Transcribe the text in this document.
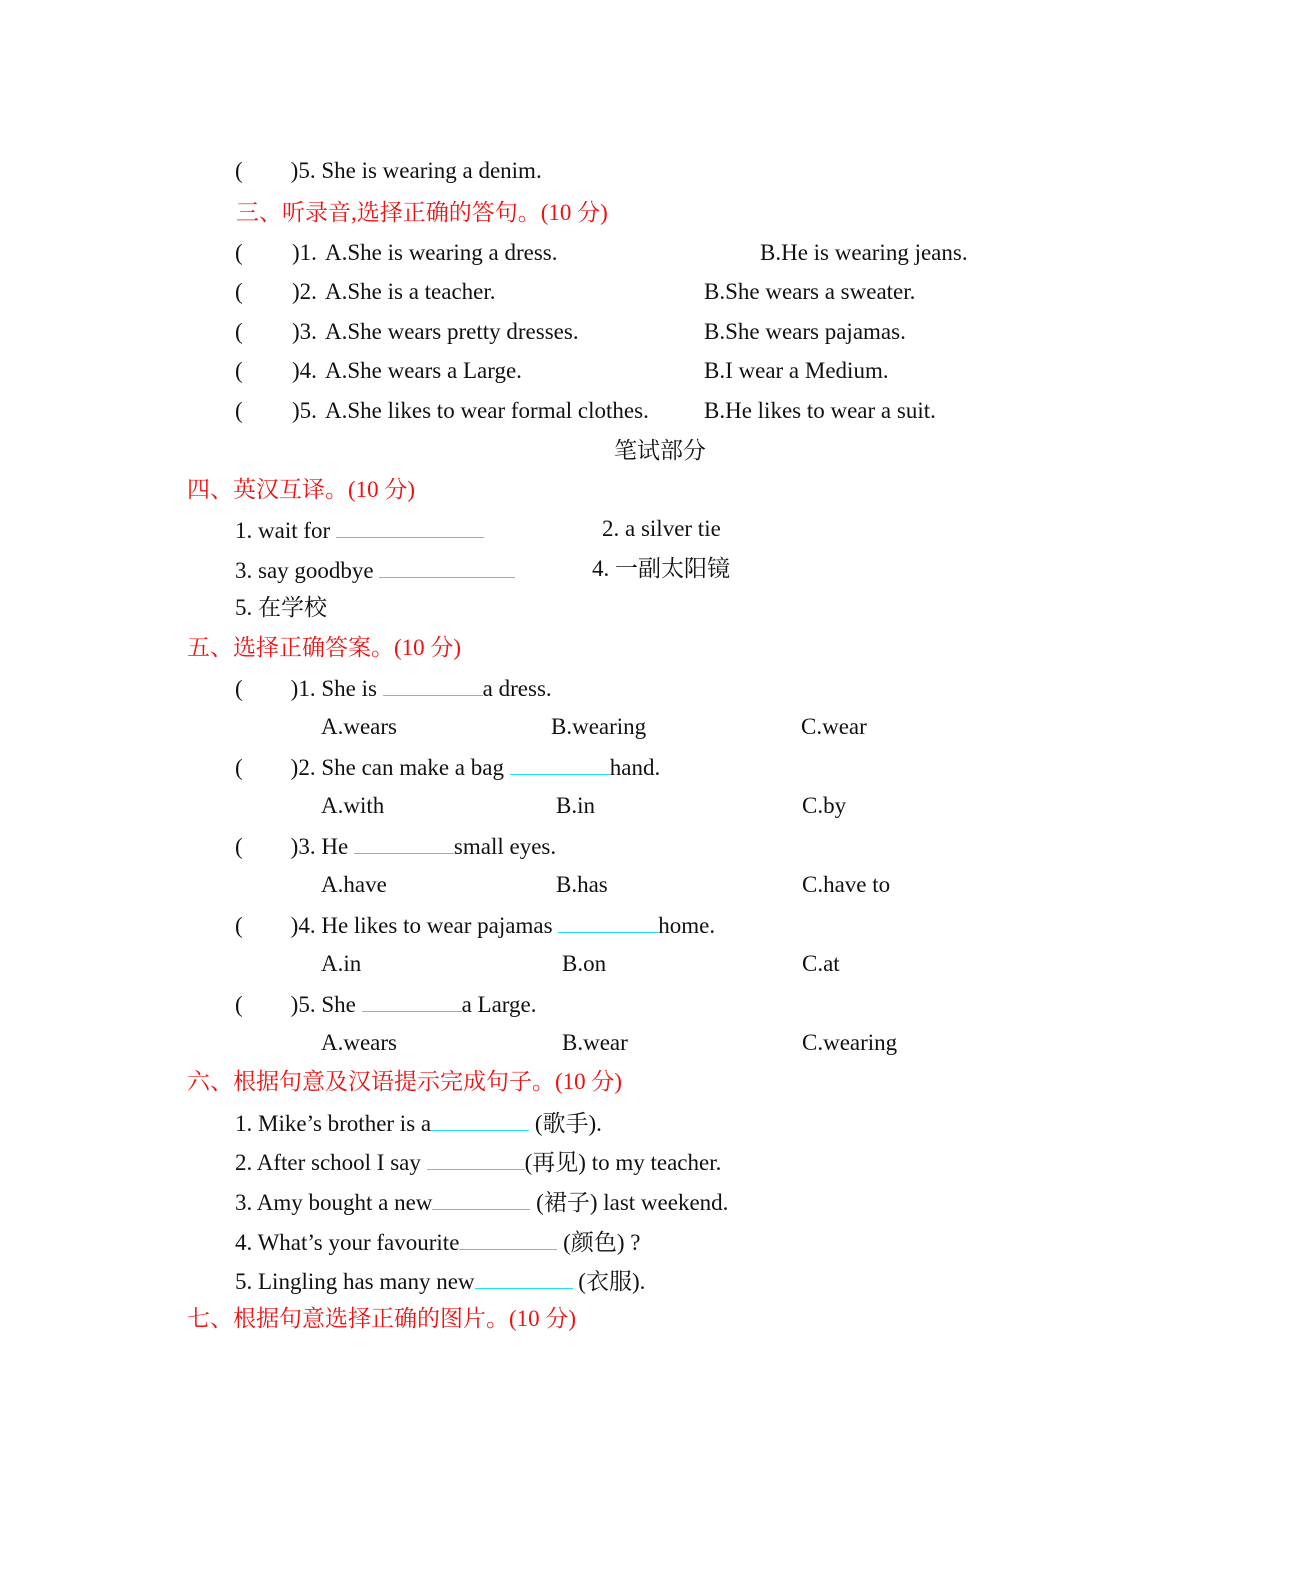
( )5. She is wearing a denim.
三、听录音,选择正确的答句。(10 分)
( )1. A.She is wearing a dress.	B.He is wearing jeans.
( )2. A.She is a teacher.	B.She wears a sweater.
( )3. A.She wears pretty dresses.	B.She wears pajamas.
( )4. A.She wears a Large.	B.I wear a Medium.
( )5. A.She likes to wear formal clothes. B.He likes to wear a suit.
笔试部分
四、英汉互译。(10 分)
1. wait for	2. a silver tie
3. say goodbye	4. 一副太阳镜
5. 在学校
五、选择正确答案。(10 分)
( )1. She is	a dress.
A.wears	B.wearing	C.wear
( )2. She can make a bag	hand.
A.with	B.in	C.by
( )3. He	small eyes.
A.have	B.has	C.have to
( )4. He likes to wear pajamas	home.
A.in	B.on	C.at
( )5. She	a Large.
A.wears	B.wear	C.wearing
六、根据句意及汉语提示完成句子。(10 分)
1. Mike’s brother is a	(歌手).
2. After school I say	(再见) to my teacher.
3. Amy bought a new	(裙子) last weekend.
4. What’s your favourite	(颜色) ?
5. Lingling has many new	(衣服).
七、根据句意选择正确的图片。(10 分)
